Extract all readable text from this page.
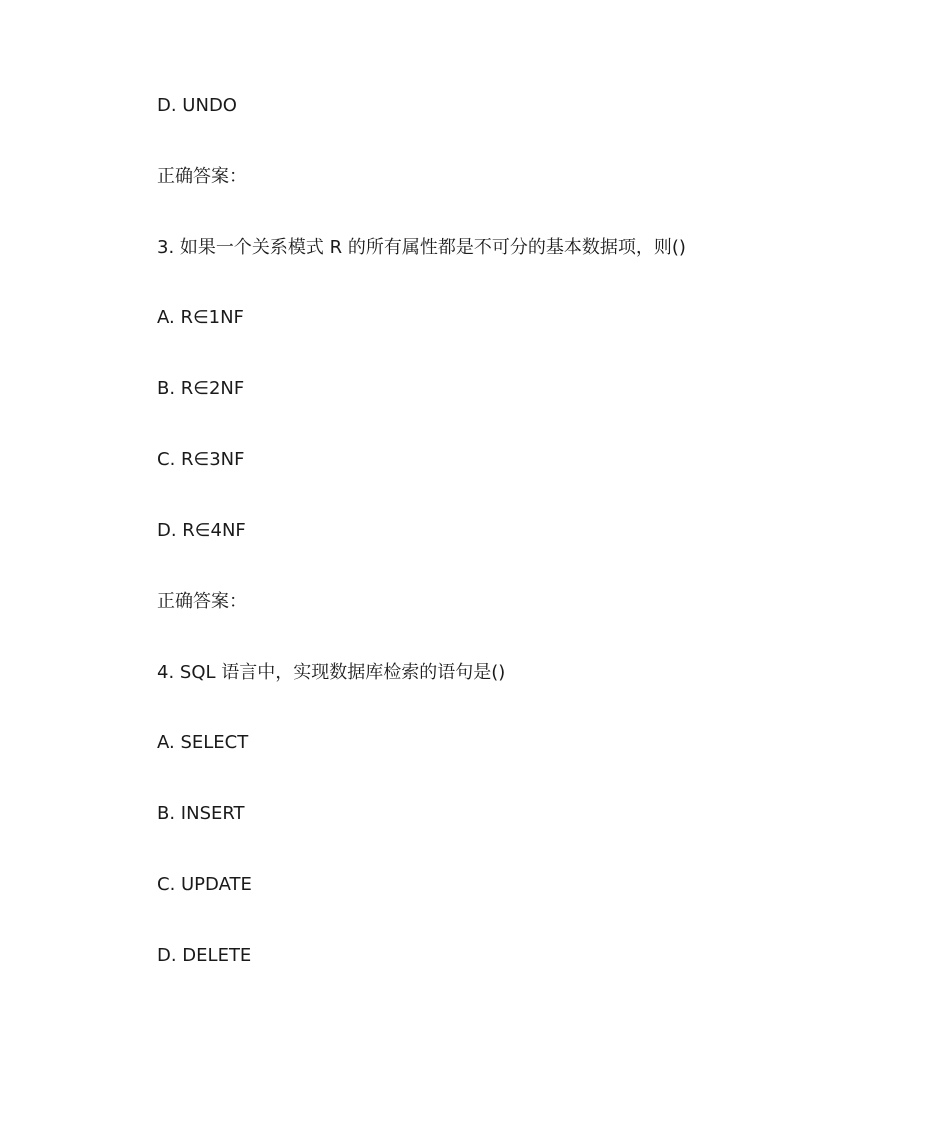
D. UNDO
正确答案：
3. 如果一个关系模式 R 的所有属性都是不可分的基本数据项，则()
A. R∈1NF
B. R∈2NF
C. R∈3NF
D. R∈4NF
正确答案：
4. SQL 语言中，实现数据库检索的语句是()
A. SELECT
B. INSERT
C. UPDATE
D. DELETE
